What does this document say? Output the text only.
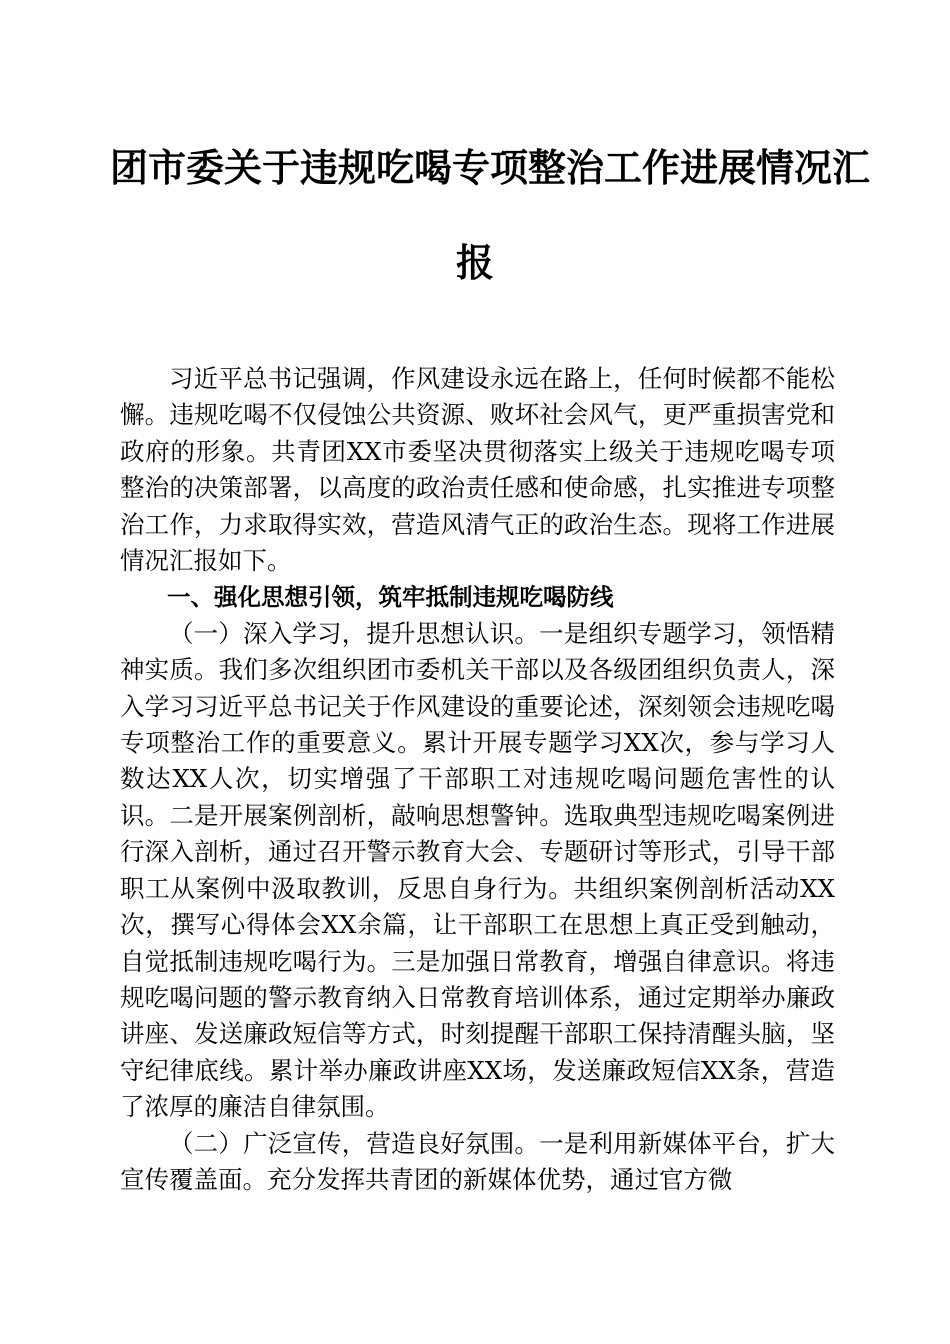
团市委关于违规吃喝专项整治工作进展情况汇
报

习近平总书记强调，作风建设永远在路上，任何时候都不能松懈。违规吃喝不仅侵蚀公共资源、败坏社会风气，更严重损害党和政府的形象。共青团XX市委坚决贯彻落实上级关于违规吃喝专项整治的决策部署，以高度的政治责任感和使命感，扎实推进专项整治工作，力求取得实效，营造风清气正的政治生态。现将工作进展情况汇报如下。

一、强化思想引领，筑牢抵制违规吃喝防线

（一）深入学习，提升思想认识。一是组织专题学习，领悟精神实质。我们多次组织团市委机关干部以及各级团组织负责人，深入学习习近平总书记关于作风建设的重要论述，深刻领会违规吃喝专项整治工作的重要意义。累计开展专题学习XX次，参与学习人数达XX人次，切实增强了干部职工对违规吃喝问题危害性的认识。二是开展案例剖析，敲响思想警钟。选取典型违规吃喝案例进行深入剖析，通过召开警示教育大会、专题研讨等形式，引导干部职工从案例中汲取教训，反思自身行为。共组织案例剖析活动XX次，撰写心得体会XX余篇，让干部职工在思想上真正受到触动，自觉抵制违规吃喝行为。三是加强日常教育，增强自律意识。将违规吃喝问题的警示教育纳入日常教育培训体系，通过定期举办廉政讲座、发送廉政短信等方式，时刻提醒干部职工保持清醒头脑，坚守纪律底线。累计举办廉政讲座XX场，发送廉政短信XX条，营造了浓厚的廉洁自律氛围。

（二）广泛宣传，营造良好氛围。一是利用新媒体平台，扩大宣传覆盖面。充分发挥共青团的新媒体优势，通过官方微
